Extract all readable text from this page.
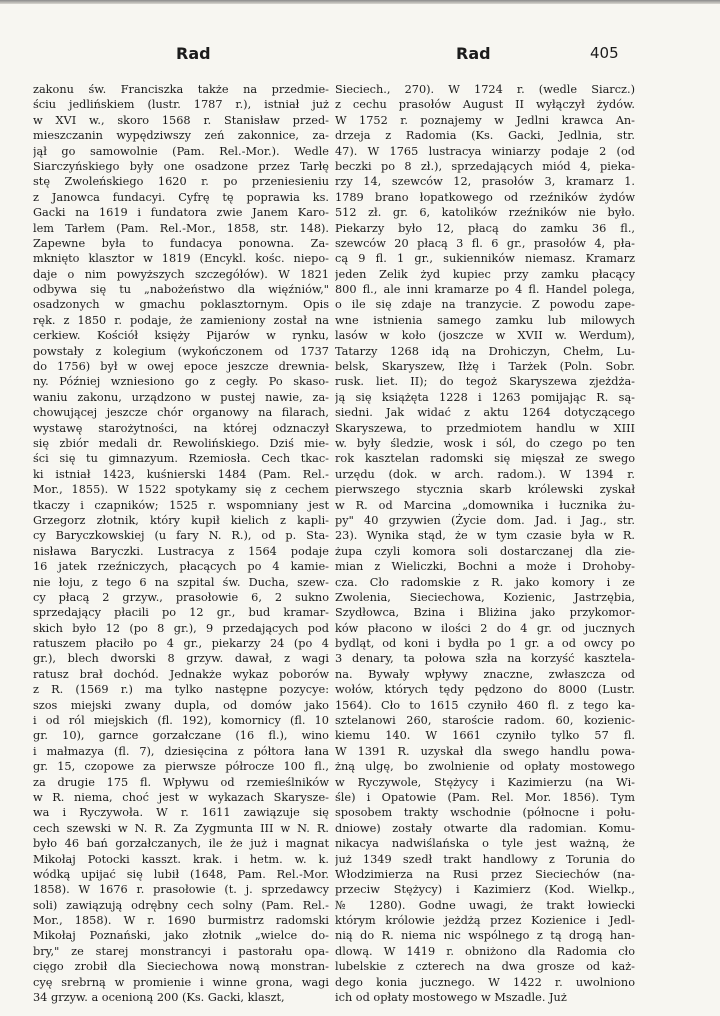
Rad	Rad	405
zakonu św. Franciszka także na przedmie-
ściu jedlińskiem (lustr. 1787 r.), istniał już
w XVI w., skoro 1568 r. Stanisław przed-
mieszczanin wypędziwszy zeń zakonnice, za-
jął go samowolnie (Pam. Rel.-Mor.). Wedle
Siarczyńskiego były one osadzone przez Tarłę
stę Zwoleńskiego 1620 r. po przeniesieniu
z Janowca fundacyi. Cyfrę tę poprawia ks.
Gacki na 1619 i fundatora zwie Janem Karo-
lem Tarłem (Pam. Rel.-Mor., 1858, str. 148).
Zapewne była to fundacya ponowna. Za-
mknięto klasztor w 1819 (Encykl. kośc. niepo-
daje o nim powyższych szczegółów). W 1821
odbywa się tu „nabożeństwo dla więźniów,"
osadzonych w gmachu poklasztornym. Opis
ręk. z 1850 r. podaje, że zamieniony został na
cerkiew. Kościół księży Pijarów w rynku,
powstały z kolegium (wykończonem od 1737
do 1756) był w owej epoce jeszcze drewnia-
ny. Później wzniesiono go z cegły. Po skaso-
waniu zakonu, urządzono w pustej nawie, za-
chowującej jeszcze chór organowy na filarach,
wystawę starożytności, na której odznaczył
się zbiór medali dr. Rewolińskiego. Dziś mie-
ści się tu gimnazyum. Rzemiosła. Cech tkac-
ki istniał 1423, kuśnierski 1484 (Pam. Rel.-
Mor., 1855). W 1522 spotykamy się z cechem
tkaczy i czapników; 1525 r. wspomniany jest
Grzegorz złotnik, który kupił kielich z kapli-
cy Baryczkowskiej (u fary N. R.), od p. Sta-
nisława Baryczki. Lustracya z 1564 podaje
16 jatek rzeźniczych, płacących po 4 kamie-
nie łoju, z tego 6 na szpital św. Ducha, szew-
cy płacą 2 grzyw., prasołowie 6, 2 sukno
sprzedający płacili po 12 gr., bud kramar-
skich było 12 (po 8 gr.), 9 przedających pod
ratuszem płaciło po 4 gr., piekarzy 24 (po 4
gr.), blech dworski 8 grzyw. dawał, z wagi
ratusz brał dochód. Jednakże wykaz poborów
z R. (1569 r.) ma tylko następne pozycye:
szos miejski zwany dupla, od domów jako
i od ról miejskich (fl. 192), komornicy (fl. 10
gr. 10), garnce gorzałczane (16 fl.), wino
i małmazya (fl. 7), dziesięcina z półtora łana
gr. 15, czopowe za pierwsze półrocze 100 fl.,
za drugie 175 fl. Wpływu od rzemieślników
w R. niema, choć jest w wykazach Skarysze-
wa i Ryczywoła. W r. 1611 zawiązuje się
cech szewski w N. R. Za Zygmunta III w N. R.
było 46 bań gorzałczanych, ile że już i magnat
Mikołaj Potocki kasszt. krak. i hetm. w. k.
wódką upijać się lubił (1648, Pam. Rel.-Mor.
1858). W 1676 r. prasołowie (t. j. sprzedawcy
soli) zawiązują odrębny cech solny (Pam. Rel.-
Mor., 1858). W r. 1690 burmistrz radomski
Mikołaj Poznański, jako złotnik „wielce do-
bry," ze starej monstrancyi i pastorału opa-
cięgo zrobił dla Sieciechowa nową monstran-
cyę srebrną w promienie i winne grona, wagi
34 grzyw. a ocenioną 200 (Ks. Gacki, klaszt,
Sieciech., 270). W 1724 r. (wedle Siarcz.)
z cechu prasołów August II wyłączył żydów.
W 1752 r. poznajemy w Jedlni krawca An-
drzeja z Radomia (Ks. Gacki, Jedlnia, str.
47). W 1765 lustracya winiarzy podaje 2 (od
beczki po 8 zł.), sprzedających miód 4, pieka-
rzy 14, szewców 12, prasołów 3, kramarz 1.
1789 brano łopatkowego od rzeźników żydów
512 zł. gr. 6, katolików rzeźników nie było.
Piekarzy było 12, płacą do zamku 36 fl.,
szewców 20 płacą 3 fl. 6 gr., prasołów 4, pła-
cą 9 fl. 1 gr., sukienników niemasz. Kramarz
jeden Zelik żyd kupiec przy zamku płacący
800 fl., ale inni kramarze po 4 fl. Handel polega,
o ile się zdaje na tranzycie. Z powodu zape-
wne istnienia samego zamku lub milowych
lasów w koło (joszcze w XVII w. Werdum),
Tatarzy 1268 idą na Drohiczyn, Chełm, Lu-
belsk, Skaryszew, Iłżę i Tarżek (Poln. Sobr.
rusk. liet. II); do tegoż Skaryszewa zjeżdża-
ją się książęta 1228 i 1263 pomijając R. są-
siedni. Jak widać z aktu 1264 dotyczącego
Skaryszewa, to przedmiotem handlu w XIII
w. były śledzie, wosk i sól, do czego po ten
rok kasztelan radomski się mięszał ze swego
urzędu (dok. w arch. radom.). W 1394 r.
pierwszego stycznia skarb królewski zyskał
w R. od Marcina „domownika i łucznika żu-
py" 40 grzywien (Życie dom. Jad. i Jag., str.
23). Wynika stąd, że w tym czasie była w R.
żupa czyli komora soli dostarczanej dla zie-
mian z Wieliczki, Bochni a może i Drohoby-
cza. Cło radomskie z R. jako komory i ze
Zwolenia, Sieciechowa, Kozienic, Jastrzębia,
Szydłowca, Bzina i Bliżina jako przykomor-
ków płacono w ilości 2 do 4 gr. od jucznych
bydląt, od koni i bydła po 1 gr. a od owcy po
3 denary, ta połowa szła na korzyść kasztela-
na. Bywały wpływy znaczne, zwłaszcza od
wołów, których tędy pędzono do 8000 (Lustr.
1564). Cło to 1615 czyniło 460 fl. z tego ka-
sztelanowi 260, staroście radom. 60, kozienic-
kiemu 140. W 1661 czyniło tylko 57 fl.
W 1391 R. uzyskał dla swego handlu powa-
żną ulgę, bo zwolnienie od opłaty mostowego
w Ryczywole, Stężycy i Kazimierzu (na Wi-
śle) i Opatowie (Pam. Rel. Mor. 1856). Tym
sposobem trakty wschodnie (północne i połu-
dniowe) zostały otwarte dla radomian. Komu-
nikacya nadwiślańska o tyle jest ważną, że
już 1349 szedł trakt handlowy z Torunia do
Włodzimierza na Rusi przez Sieciechów (na-
przeciw Stężycy) i Kazimierz (Kod. Wielkp.,
№ 1280). Godne uwagi, że trakt łowiecki
którym królowie jeżdżą przez Kozienice i Jedl-
nią do R. niema nic wspólnego z tą drogą han-
dlową. W 1419 r. obniżono dla Radomia cło
lubelskie z czterech na dwa grosze od każ-
dego konia jucznego. W 1422 r. uwolniono
ich od opłaty mostowego w Mszadle. Już
